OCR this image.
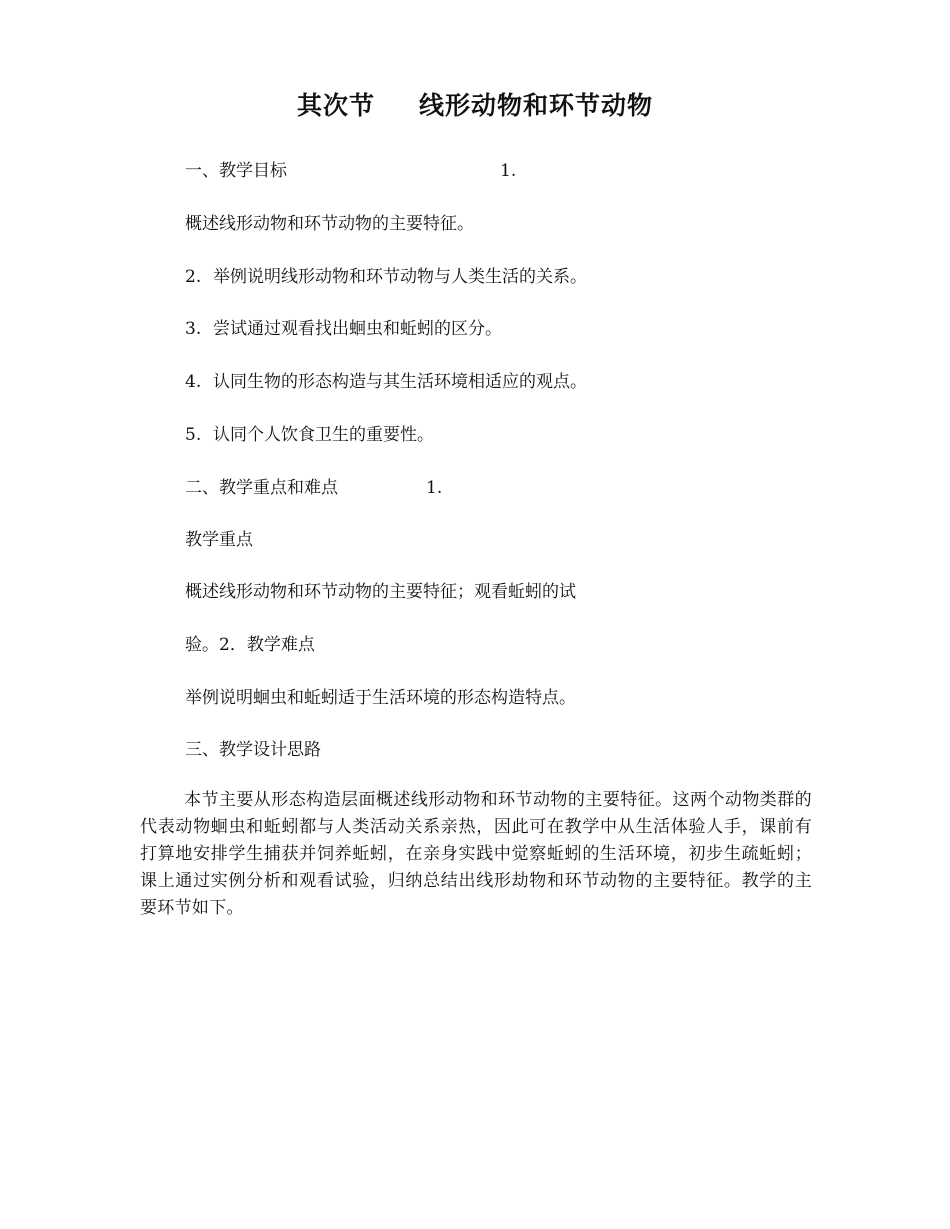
其次节 线形动物和环节动物
一、教学目标	1.
概述线形动物和环节动物的主要特征。
2. 举例说明线形动物和环节动物与人类生活的关系。
3. 尝试通过观看找出蛔虫和蚯蚓的区分。
4. 认同生物的形态构造与其生活环境相适应的观点。
5. 认同个人饮食卫生的重要性。
二、教学重点和难点	1.
教学重点
概述线形动物和环节动物的主要特征；观看蚯蚓的试
验。2．教学难点
举例说明蛔虫和蚯蚓适于生活环境的形态构造特点。
三、教学设计思路
本节主要从形态构造层面概述线形动物和环节动物的主要特征。这两个动物类群的代表动物蛔虫和蚯蚓都与人类活动关系亲热，因此可在教学中从生活体验人手，课前有打算地安排学生捕获并饲养蚯蚓，在亲身实践中觉察蚯蚓的生活环境，初步生疏蚯蚓；课上通过实例分析和观看试验，归纳总结出线形劫物和环节动物的主要特征。教学的主要环节如下。
